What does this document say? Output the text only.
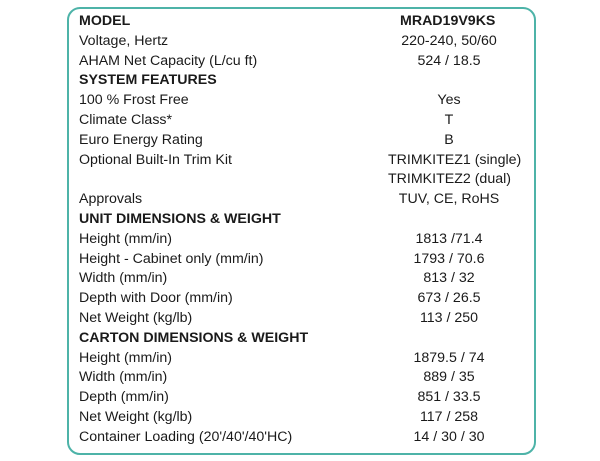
MODEL	MRAD19V9KS
Voltage, Hertz	220-240, 50/60
AHAM Net Capacity (L/cu ft)	524 / 18.5
SYSTEM FEATURES
100 % Frost Free	Yes
Climate Class*	T
Euro Energy Rating	B
Optional Built-In Trim Kit	TRIMKITEZ1 (single)
TRIMKITEZ2 (dual)
Approvals	TUV, CE, RoHS
UNIT DIMENSIONS & WEIGHT
Height (mm/in)	1813 /71.4
Height - Cabinet only (mm/in)	1793 / 70.6
Width (mm/in)	813 / 32
Depth with Door (mm/in)	673 / 26.5
Net Weight (kg/lb)	113 / 250
CARTON DIMENSIONS & WEIGHT
Height (mm/in)	1879.5 / 74
Width (mm/in)	889 / 35
Depth (mm/in)	851 / 33.5
Net Weight (kg/lb)	117 / 258
Container Loading (20'/40'/40'HC)	14 / 30 / 30
